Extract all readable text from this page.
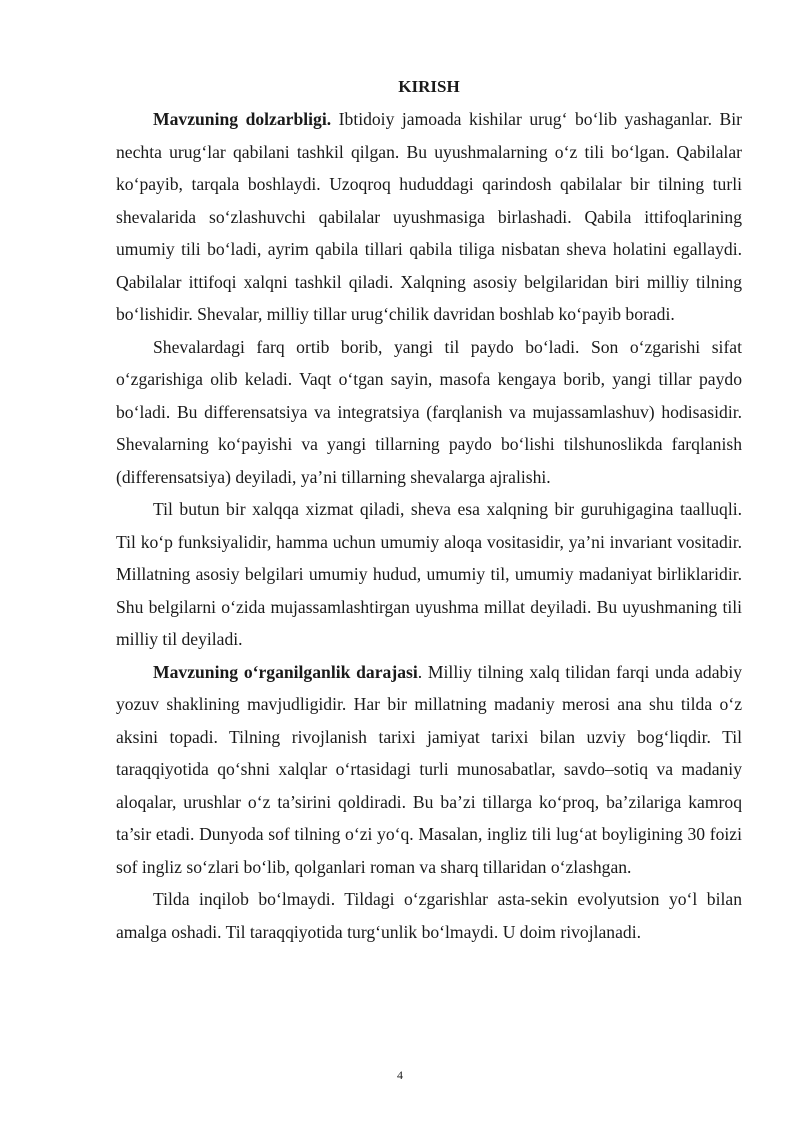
KIRISH

Mavzuning dolzarbligi. Ibtidoiy jamoada kishilar urug‘ bo‘lib yashaganlar. Bir nechta urug‘lar qabilani tashkil qilgan. Bu uyushmalarning o‘z tili bo‘lgan. Qabilalar ko‘payib, tarqala boshlaydi. Uzoqroq hududdagi qarindosh qabilalar bir tilning turli shevalarida so‘zlashuvchi qabilalar uyushmasiga birlashadi. Qabila ittifoqlarining umumiy tili bo‘ladi, ayrim qabila tillari qabila tiliga nisbatan sheva holatini egallaydi. Qabilalar ittifoqi xalqni tashkil qiladi. Xalqning asosiy belgilaridan biri milliy tilning bo‘lishidir. Shevalar, milliy tillar urug‘chilik davridan boshlab ko‘payib boradi.

Shevalardagi farq ortib borib, yangi til paydo bo‘ladi. Son o‘zgarishi sifat o‘zgarishiga olib keladi. Vaqt o‘tgan sayin, masofa kengaya borib, yangi tillar paydo bo‘ladi. Bu differensatsiya va integratsiya (farqlanish va mujassamlashuv) hodisasidir. Shevalarning ko‘payishi va yangi tillarning paydo bo‘lishi tilshunoslikda farqlanish (differensatsiya) deyiladi, ya’ni tillarning shevalarga ajralishi.

Til butun bir xalqqa xizmat qiladi, sheva esa xalqning bir guruhigagina taalluqli. Til ko‘p funksiyalidir, hamma uchun umumiy aloqa vositasidir, ya’ni invariant vositadir. Millatning asosiy belgilari umumiy hudud, umumiy til, umumiy madaniyat birliklaridir. Shu belgilarni o‘zida mujassamlashtirgan uyushma millat deyiladi. Bu uyushmaning tili milliy til deyiladi.

Mavzuning o‘rganilganlik darajasi. Milliy tilning xalq tilidan farqi unda adabiy yozuv shaklining mavjudligidir. Har bir millatning madaniy merosi ana shu tilda o‘z aksini topadi. Tilning rivojlanish tarixi jamiyat tarixi bilan uzviy bog‘liqdir. Til taraqqiyotida qo‘shni xalqlar o‘rtasidagi turli munosabatlar, savdo–sotiq va madaniy aloqalar, urushlar o‘z ta’sirini qoldiradi. Bu ba’zi tillarga ko‘proq, ba’zilariga kamroq ta’sir etadi. Dunyoda sof tilning o‘zi yo‘q. Masalan, ingliz tili lug‘at boyligining 30 foizi sof ingliz so‘zlari bo‘lib, qolganlari roman va sharq tillaridan o‘zlashgan.

Tilda inqilob bo‘lmaydi. Tildagi o‘zgarishlar asta-sekin evolyutsion yo‘l bilan amalga oshadi. Til taraqqiyotida turg‘unlik bo‘lmaydi. U doim rivojlanadi.

4
